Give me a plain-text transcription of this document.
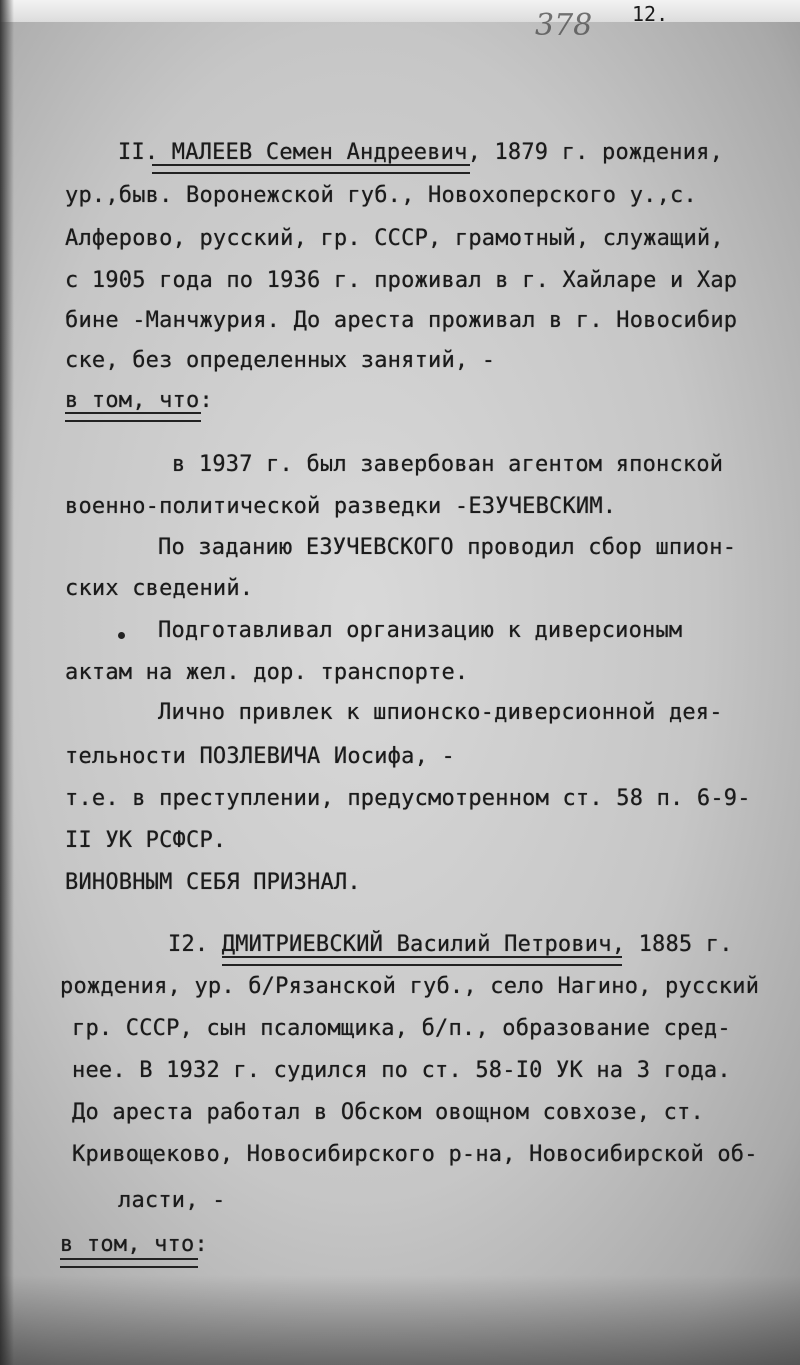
378 12.
II. МАЛЕЕВ Семен Андреевич, 1879 г. рождения,
ур.,быв. Воронежской губ., Новохоперского у.,с.
Алферово, русский, гр. СССР, грамотный, служащий,
с 1905 года по 1936 г. проживал в г. Хайларе и Хар
бине -Манчжурия. До ареста проживал в г. Новосибир
ске, без определенных занятий, -
в том, что:
в 1937 г. был завербован агентом японской
военно-политической разведки -ЕЗУЧЕВСКИМ.
По заданию ЕЗУЧЕВСКОГО проводил сбор шпион-
ских сведений.
Подготавливал организацию к диверсионым
актам на жел. дор. транспорте.
Лично привлек к шпионско-диверсионной дея-
тельности ПОЗЛЕВИЧА Иосифа, -
т.е. в преступлении, предусмотренном ст. 58 п. 6-9-
II УК РСФСР.
ВИНОВНЫМ СЕБЯ ПРИЗНАЛ.
I2. ДМИТРИЕВСКИЙ Василий Петрович, 1885 г.
рождения, ур. б/Рязанской губ., село Нагино, русский
гр. СССР, сын псаломщика, б/п., образование сред-
нее. В 1932 г. судился по ст. 58-I0 УК на 3 года.
До ареста работал в Обском овощном совхозе, ст.
Кривощеково, Новосибирского р-на, Новосибирской об-
ласти, -
в том, что:
